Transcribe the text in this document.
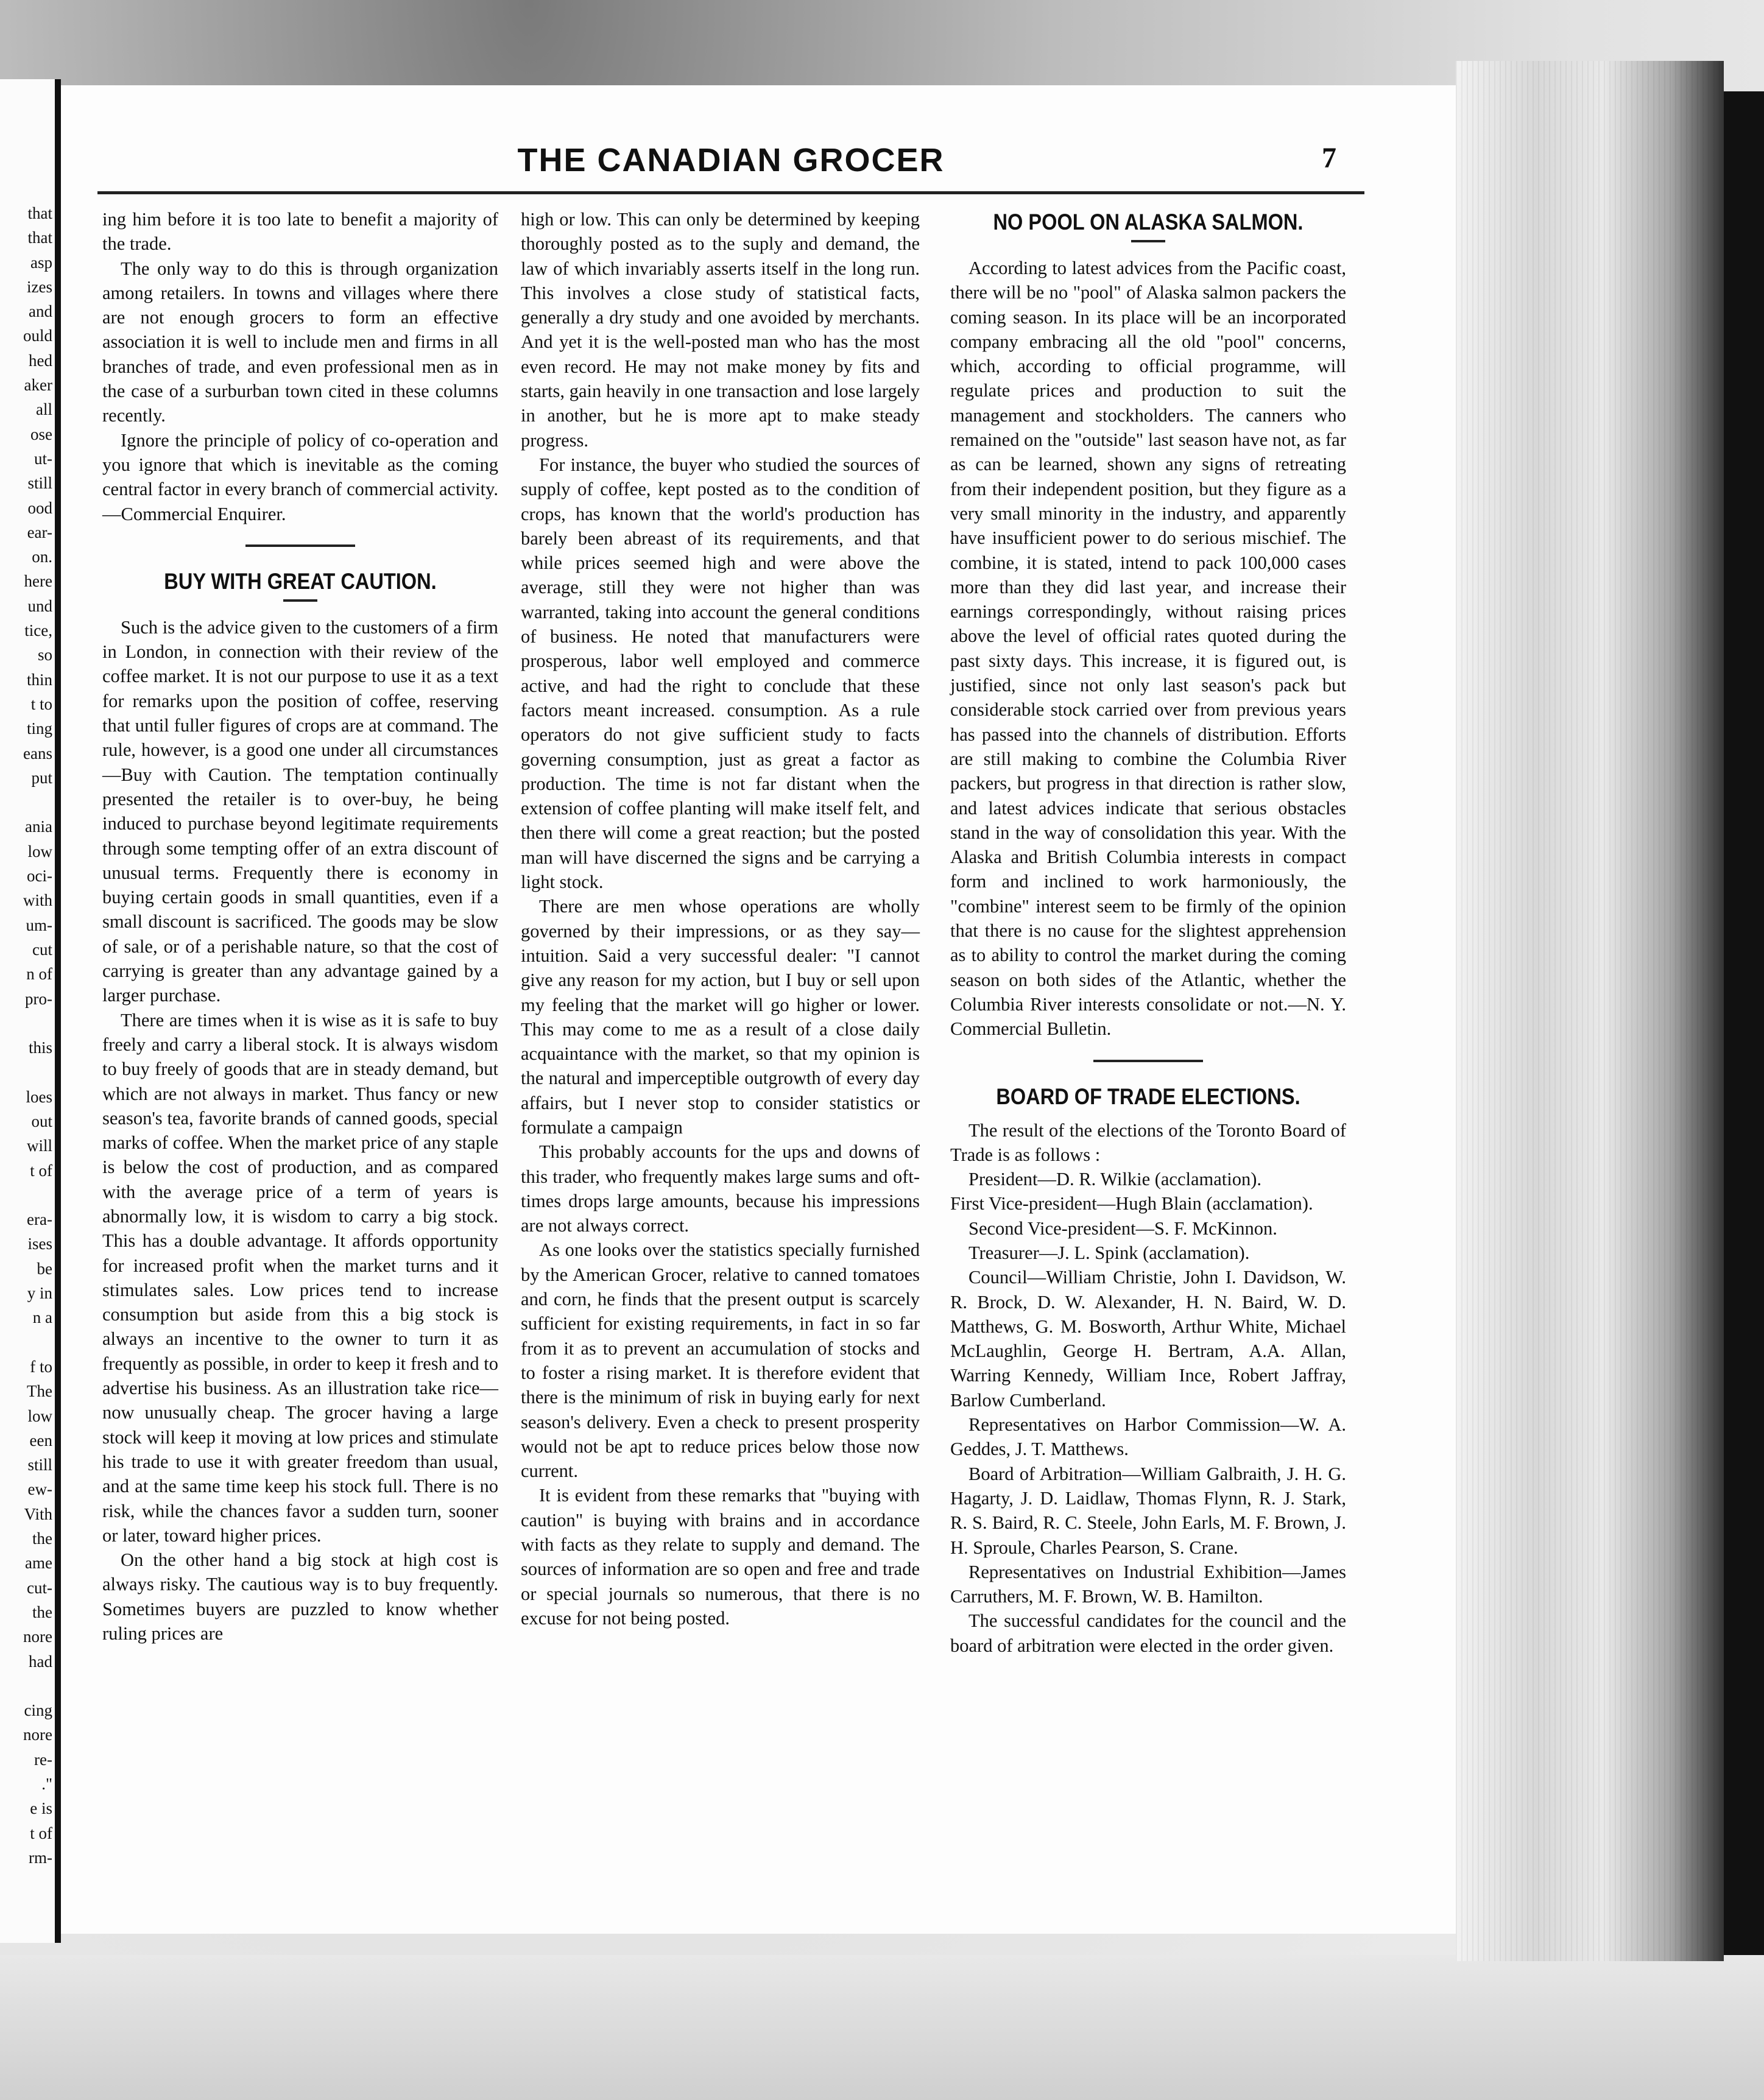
that
that
asp
izes
and
ould
hed
aker
all
ose
ut-
still
ood
ear-
on.
here
und
tice,
so
thin
t to
ting
eans
put
ania
low
oci-
with
um-
cut
n of
pro-
this
loes
out
will
t of
era-
ises
be
y in
n a
f to
The
low
een
still
ew-
Vith
the
ame
cut-
the
nore
had
cing
nore
re-
."
e is
t of
rm-
THE CANADIAN GROCER	7

ing him before it is too late to benefit a majority of the trade.

The only way to do this is through organization among retailers. In towns and villages where there are not enough grocers to form an effective association it is well to include men and firms in all branches of trade, and even professional men as in the case of a surburban town cited in these columns recently.

Ignore the principle of policy of co-operation and you ignore that which is inevitable as the coming central factor in every branch of commercial activity.—Commercial Enquirer.

BUY WITH GREAT CAUTION.

Such is the advice given to the customers of a firm in London, in connection with their review of the coffee market. It is not our purpose to use it as a text for remarks upon the position of coffee, reserving that until fuller figures of crops are at command. The rule, however, is a good one under all circumstances—Buy with Caution. The temptation continually presented the retailer is to over-buy, he being induced to purchase beyond legitimate requirements through some tempting offer of an extra discount of unusual terms. Frequently there is economy in buying certain goods in small quantities, even if a small discount is sacrificed. The goods may be slow of sale, or of a perishable nature, so that the cost of carrying is greater than any advantage gained by a larger purchase.

There are times when it is wise as it is safe to buy freely and carry a liberal stock. It is always wisdom to buy freely of goods that are in steady demand, but which are not always in market. Thus fancy or new season's tea, favorite brands of canned goods, special marks of coffee. When the market price of any staple is below the cost of production, and as compared with the average price of a term of years is abnormally low, it is wisdom to carry a big stock. This has a double advantage. It affords opportunity for increased profit when the market turns and it stimulates sales. Low prices tend to increase consumption but aside from this a big stock is always an incentive to the owner to turn it as frequently as possible, in order to keep it fresh and to advertise his business. As an illustration take rice—now unusually cheap. The grocer having a large stock will keep it moving at low prices and stimulate his trade to use it with greater freedom than usual, and at the same time keep his stock full. There is no risk, while the chances favor a sudden turn, sooner or later, toward higher prices.

On the other hand a big stock at high cost is always risky. The cautious way is to buy frequently. Sometimes buyers are puzzled to know whether ruling prices are

high or low. This can only be determined by keeping thoroughly posted as to the suply and demand, the law of which invariably asserts itself in the long run. This involves a close study of statistical facts, generally a dry study and one avoided by merchants. And yet it is the well-posted man who has the most even record. He may not make money by fits and starts, gain heavily in one transaction and lose largely in another, but he is more apt to make steady progress.

For instance, the buyer who studied the sources of supply of coffee, kept posted as to the condition of crops, has known that the world's production has barely been abreast of its requirements, and that while prices seemed high and were above the average, still they were not higher than was warranted, taking into account the general conditions of business. He noted that manufacturers were prosperous, labor well employed and commerce active, and had the right to conclude that these factors meant increased. consumption. As a rule operators do not give sufficient study to facts governing consumption, just as great a factor as production. The time is not far distant when the extension of coffee planting will make itself felt, and then there will come a great reaction; but the posted man will have discerned the signs and be carrying a light stock.

There are men whose operations are wholly governed by their impressions, or as they say—intuition. Said a very successful dealer: "I cannot give any reason for my action, but I buy or sell upon my feeling that the market will go higher or lower. This may come to me as a result of a close daily acquaintance with the market, so that my opinion is the natural and imperceptible outgrowth of every day affairs, but I never stop to consider statistics or formulate a campaign

This probably accounts for the ups and downs of this trader, who frequently makes large sums and oft-times drops large amounts, because his impressions are not always correct.

As one looks over the statistics specially furnished by the American Grocer, relative to canned tomatoes and corn, he finds that the present output is scarcely sufficient for existing requirements, in fact in so far from it as to prevent an accumulation of stocks and to foster a rising market. It is therefore evident that there is the minimum of risk in buying early for next season's delivery. Even a check to present prosperity would not be apt to reduce prices below those now current.

It is evident from these remarks that "buying with caution" is buying with brains and in accordance with facts as they relate to supply and demand. The sources of information are so open and free and trade or special journals so numerous, that there is no excuse for not being posted.

NO POOL ON ALASKA SALMON.

According to latest advices from the Pacific coast, there will be no "pool" of Alaska salmon packers the coming season. In its place will be an incorporated company embracing all the old "pool" concerns, which, according to official programme, will regulate prices and production to suit the management and stockholders. The canners who remained on the "outside" last season have not, as far as can be learned, shown any signs of retreating from their independent position, but they figure as a very small minority in the industry, and apparently have insufficient power to do serious mischief. The combine, it is stated, intend to pack 100,000 cases more than they did last year, and increase their earnings correspondingly, without raising prices above the level of official rates quoted during the past sixty days. This increase, it is figured out, is justified, since not only last season's pack but considerable stock carried over from previous years has passed into the channels of distribution. Efforts are still making to combine the Columbia River packers, but progress in that direction is rather slow, and latest advices indicate that serious obstacles stand in the way of consolidation this year. With the Alaska and British Columbia interests in compact form and inclined to work harmoniously, the "combine" interest seem to be firmly of the opinion that there is no cause for the slightest apprehension as to ability to control the market during the coming season on both sides of the Atlantic, whether the Columbia River interests consolidate or not.—N. Y. Commercial Bulletin.

BOARD OF TRADE ELECTIONS.

The result of the elections of the Toronto Board of Trade is as follows :

President—D. R. Wilkie (acclamation).

First Vice-president—Hugh Blain (acclamation).

Second Vice-president—S. F. McKinnon.

Treasurer—J. L. Spink (acclamation).

Council—William Christie, John I. Davidson, W. R. Brock, D. W. Alexander, H. N. Baird, W. D. Matthews, G. M. Bosworth, Arthur White, Michael McLaughlin, George H. Bertram, A.A. Allan, Warring Kennedy, William Ince, Robert Jaffray, Barlow Cumberland.

Representatives on Harbor Commission—W. A. Geddes, J. T. Matthews.

Board of Arbitration—William Galbraith, J. H. G. Hagarty, J. D. Laidlaw, Thomas Flynn, R. J. Stark, R. S. Baird, R. C. Steele, John Earls, M. F. Brown, J. H. Sproule, Charles Pearson, S. Crane.

Representatives on Industrial Exhibition—James Carruthers, M. F. Brown, W. B. Hamilton.

The successful candidates for the council and the board of arbitration were elected in the order given.
